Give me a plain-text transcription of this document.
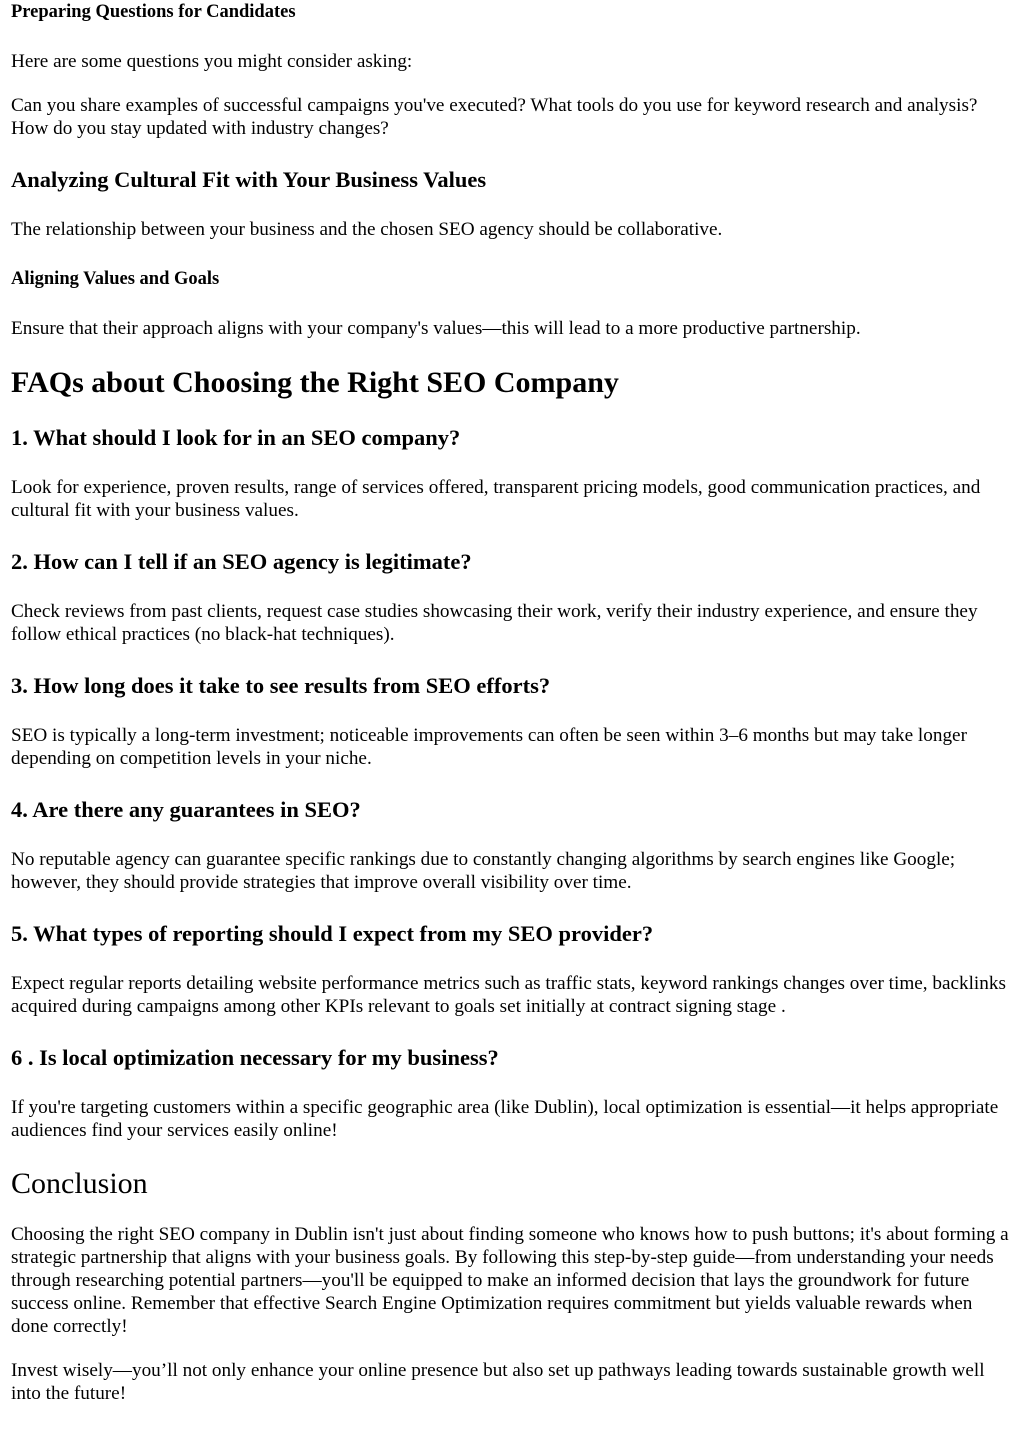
Preparing Questions for Candidates

Here are some questions you might consider asking:

Can you share examples of successful campaigns you've executed? What tools do you use for keyword research and analysis? How do you stay updated with industry changes?

Analyzing Cultural Fit with Your Business Values

The relationship between your business and the chosen SEO agency should be collaborative.

Aligning Values and Goals

Ensure that their approach aligns with your company's values—this will lead to a more productive partnership.

FAQs about Choosing the Right SEO Company
1. What should I look for in an SEO company?

Look for experience, proven results, range of services offered, transparent pricing models, good communication practices, and cultural fit with your business values.

2. How can I tell if an SEO agency is legitimate?

Check reviews from past clients, request case studies showcasing their work, verify their industry experience, and ensure they follow ethical practices (no black-hat techniques).

3. How long does it take to see results from SEO efforts?

SEO is typically a long-term investment; noticeable improvements can often be seen within 3–6 months but may take longer depending on competition levels in your niche.

4. Are there any guarantees in SEO?

No reputable agency can guarantee specific rankings due to constantly changing algorithms by search engines like Google; however, they should provide strategies that improve overall visibility over time.

5. What types of reporting should I expect from my SEO provider?

Expect regular reports detailing website performance metrics such as traffic stats, keyword rankings changes over time, backlinks acquired during campaigns among other KPIs relevant to goals set initially at contract signing stage .

6 . Is local optimization necessary for my business?

If you're targeting customers within a specific geographic area (like Dublin), local optimization is essential—it helps appropriate audiences find your services easily online!

Conclusion

Choosing the right SEO company in Dublin isn't just about finding someone who knows how to push buttons; it's about forming a strategic partnership that aligns with your business goals. By following this step-by-step guide—from understanding your needs through researching potential partners—you'll be equipped to make an informed decision that lays the groundwork for future success online. Remember that effective Search Engine Optimization requires commitment but yields valuable rewards when done correctly!

Invest wisely—you’ll not only enhance your online presence but also set up pathways leading towards sustainable growth well into the future!
